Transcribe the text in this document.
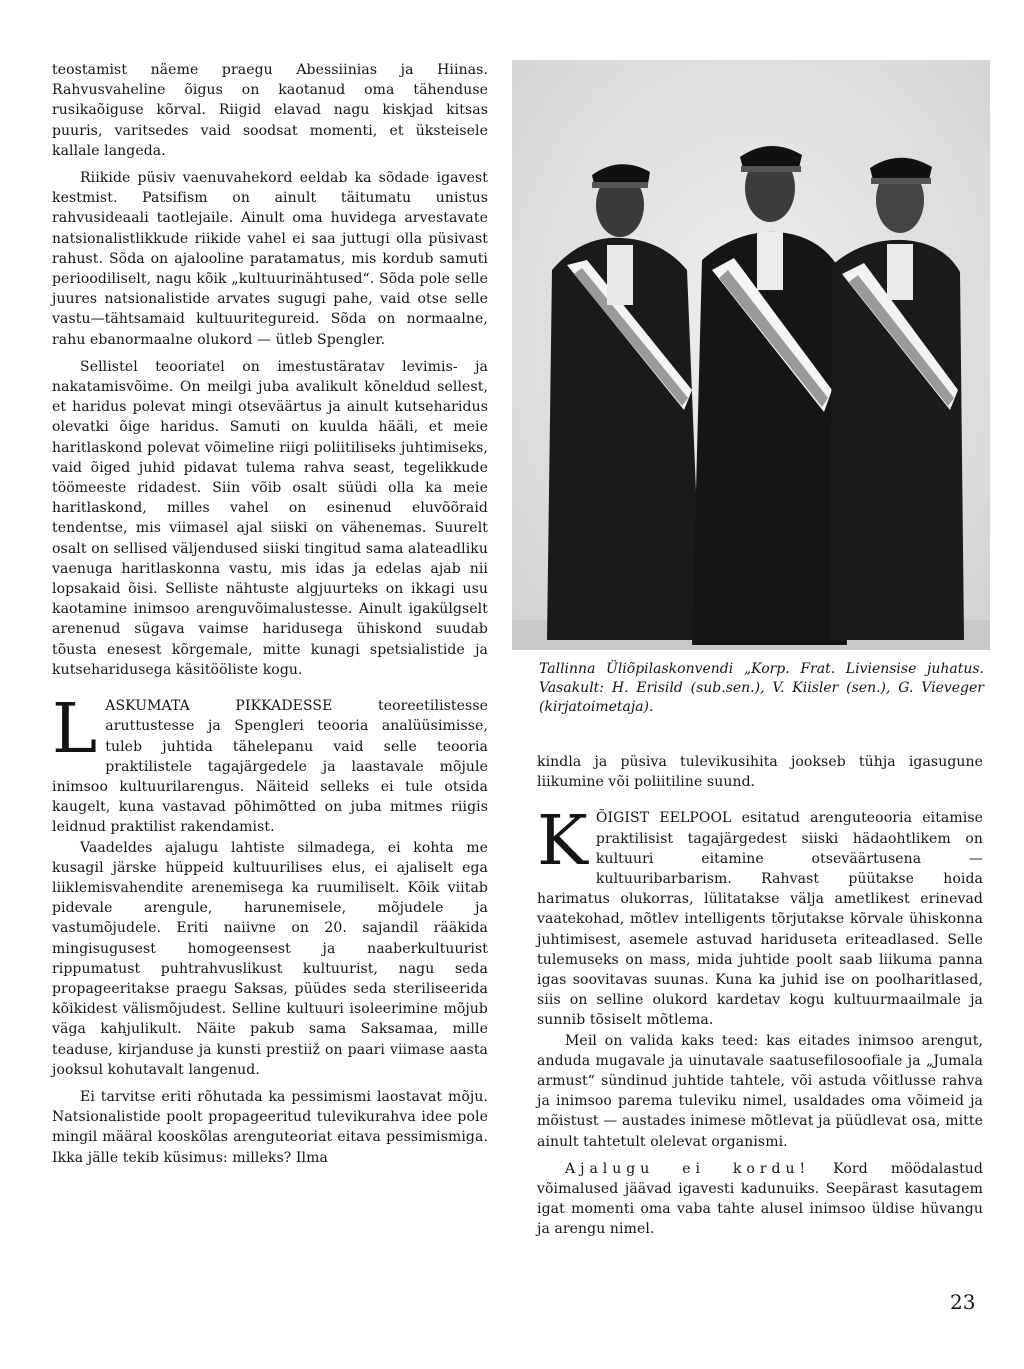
teostamist näeme praegu Abessiinias ja Hiinas. Rahvusvaheline õigus on kaotanud oma tähenduse rusikaõiguse kõrval. Riigid elavad nagu kiskjad kitsas puuris, varitsedes vaid soodsat momenti, et üksteisele kallale langeda.

Riikide püsiv vaenuvahekord eeldab ka sõdade igavest kestmist. Patsifism on ainult täitumatu unistus rahvusideaali taotlejaile. Ainult oma huvidega arvestavate natsionalistlikkude riikide vahel ei saa juttugi olla püsivast rahust. Sõda on ajalooline paratamatus, mis kordub samuti perioodiliselt, nagu kõik „kultuurinähtused“. Sõda pole selle juures natsionalistide arvates sugugi pahe, vaid otse selle vastu—tähtsamaid kultuuritegureid. Sõda on normaalne, rahu ebanormaalne olukord — ütleb Spengler.

Sellistel teooriatel on imestustäratav levimis- ja nakatamisvõime. On meilgi juba avalikult kõneldud sellest, et haridus polevat mingi otseväärtus ja ainult kutseharidus olevatki õige haridus. Samuti on kuulda hääli, et meie haritlaskond polevat võimeline riigi poliitiliseks juhtimiseks, vaid õiged juhid pidavat tulema rahva seast, tegelikkude töömeeste ridadest. Siin võib osalt süüdi olla ka meie haritlaskond, milles vahel on esinenud eluvõõraid tendentse, mis viimasel ajal siiski on vähenemas. Suurelt osalt on sellised väljendused siiski tingitud sama alateadliku vaenuga haritlaskonna vastu, mis idas ja edelas ajab nii lopsakaid õisi. Selliste nähtuste algjuurteks on ikkagi usu kaotamine inimsoo arenguvõimalustesse. Ainult igakülgselt arenenud sügava vaimse haridusega ühiskond suudab tõusta enesest kõrgemale, mitte kunagi spetsialistide ja kutseharidusega käsitööliste kogu.

LASKUMATA PIKKADESSE teoreetilistesse aruttustesse ja Spengleri teooria analüüsimisse, tuleb juhtida tähelepanu vaid selle teooria praktilistele tagajärgedele ja laastavale mõjule inimsoo kultuurilarengus. Näiteid selleks ei tule otsida kaugelt, kuna vastavad põhimõtted on juba mitmes riigis leidnud praktilist rakendamist.

Vaadeldes ajalugu lahtiste silmadega, ei kohta me kusagil järske hüppeid kultuurilises elus, ei ajaliselt ega liiklemisvahendite arenemisega ka ruumiliselt. Kõik viitab pidevale arengule, harunemisele, mõjudele ja vastumõjudele. Eriti naiivne on 20. sajandil rääkida mingisugusest homogeensest ja naaberkultuurist rippumatust puhtrahvuslikust kultuurist, nagu seda propageeritakse praegu Saksas, püüdes seda steriliseerida kõikidest välismõjudest. Selline kultuuri isoleerimine mõjub väga kahjulikult. Näite pakub sama Saksamaa, mille teaduse, kirjanduse ja kunsti prestiiž on paari viimase aasta jooksul kohutavalt langenud.

Ei tarvitse eriti rõhutada ka pessimismi laostavat mõju. Natsionalistide poolt propageeritud tulevikurahva idee pole mingil määral kooskõlas arenguteoriat eitava pessimismiga. Ikka jälle tekib küsimus: milleks? Ilma

Tallinna Üliõpilaskonvendi „Korp. Frat. Liviensise juhatus. Vasakult: H. Erisild (sub.sen.), V. Kiisler (sen.), G. Vieveger (kirjatoimetaja).

kindla ja püsiva tulevikusihita jookseb tühja igasugune liikumine või poliitiline suund.

KÕIGIST EELPOOL esitatud arenguteooria eitamise praktilisist tagajärgedest siiski hädaohtlikem on kultuuri eitamine otseväärtusena — kultuuribarbarism. Rahvast püütakse hoida harimatus olukorras, lülitatakse välja ametlikest erinevad vaatekohad, mõtlev intelligents tõrjutakse kõrvale ühiskonna juhtimisest, asemele astuvad hariduseta eriteadlased. Selle tulemuseks on mass, mida juhtide poolt saab liikuma panna igas soovitavas suunas. Kuna ka juhid ise on poolharitlased, siis on selline olukord kardetav kogu kultuurmaailmale ja sunnib tõsiselt mõtlema.

Meil on valida kaks teed: kas eitades inimsoo arengut, anduda mugavale ja uinutavale saatusefilosoofiale ja „Jumala armust“ sündinud juhtide tahtele, või astuda võitlusse rahva ja inimsoo parema tuleviku nimel, usaldades oma võimeid ja mõistust — austades inimese mõtlevat ja püüdlevat osa, mitte ainult tahtetult olelevat organismi.

Ajalugu ei kordu! Kord möödalastud võimalused jäävad igavesti kadunuiks. Seepärast kasutagem igat momenti oma vaba tahte alusel inimsoo üldise hüvangu ja arengu nimel.

23
